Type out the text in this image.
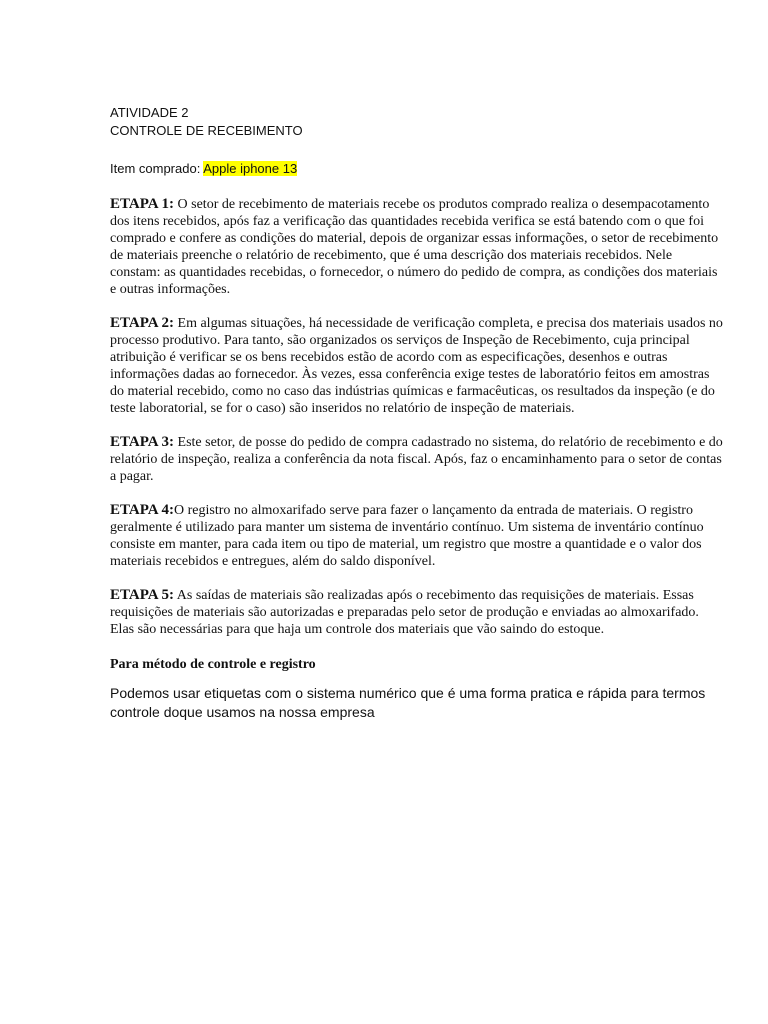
ATIVIDADE 2
CONTROLE DE RECEBIMENTO
Item comprado: Apple iphone 13

ETAPA 1: O setor de recebimento de materiais recebe os produtos comprado realiza o desempacotamento dos itens recebidos, após faz a verificação das quantidades recebida verifica se está batendo com o que foi comprado e confere as condições do material, depois de organizar essas informações, o setor de recebimento de materiais preenche o relatório de recebimento, que é uma descrição dos materiais recebidos. Nele constam: as quantidades recebidas, o fornecedor, o número do pedido de compra, as condições dos materiais e outras informações.

ETAPA 2: Em algumas situações, há necessidade de verificação completa, e precisa dos materiais usados no processo produtivo. Para tanto, são organizados os serviços de Inspeção de Recebimento, cuja principal atribuição é verificar se os bens recebidos estão de acordo com as especificações, desenhos e outras informações dadas ao fornecedor. Às vezes, essa conferência exige testes de laboratório feitos em amostras do material recebido, como no caso das indústrias químicas e farmacêuticas, os resultados da inspeção (e do teste laboratorial, se for o caso) são inseridos no relatório de inspeção de materiais.

ETAPA 3: Este setor, de posse do pedido de compra cadastrado no sistema, do relatório de recebimento e do relatório de inspeção, realiza a conferência da nota fiscal. Após, faz o encaminhamento para o setor de contas a pagar.

ETAPA 4:O registro no almoxarifado serve para fazer o lançamento da entrada de materiais. O registro geralmente é utilizado para manter um sistema de inventário contínuo. Um sistema de inventário contínuo consiste em manter, para cada item ou tipo de material, um registro que mostre a quantidade e o valor dos materiais recebidos e entregues, além do saldo disponível.

ETAPA 5: As saídas de materiais são realizadas após o recebimento das requisições de materiais. Essas requisições de materiais são autorizadas e preparadas pelo setor de produção e enviadas ao almoxarifado. Elas são necessárias para que haja um controle dos materiais que vão saindo do estoque.

Para método de controle e registro
Podemos usar etiquetas com o sistema numérico que é uma forma pratica e rápida para termos controle doque usamos na nossa empresa
